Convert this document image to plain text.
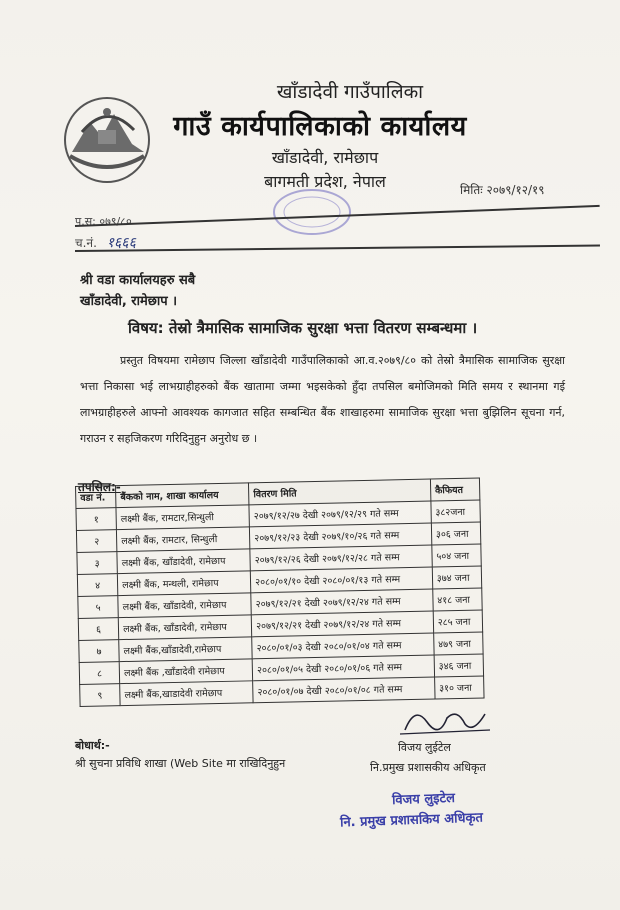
खाँडादेवी गाउँपालिका
गाउँ कार्यपालिकाको कार्यालय
खाँडादेवी, रामेछाप
बागमती प्रदेश, नेपाल	मितिः २०७९/१२/१९
प.स: ०७९/८०
च.नं. १६६६
श्री वडा कार्यालयहरु सबै
खाँडादेवी, रामेछाप ।
विषय: तेस्रो त्रैमासिक सामाजिक सुरक्षा भत्ता वितरण सम्बन्धमा ।
प्रस्तुत विषयमा रामेछाप जिल्ला खाँडादेवी गाउँपालिकाको आ.व.२०७९/८० को तेस्रो त्रैमासिक सामाजिक सुरक्षा भत्ता निकासा भई लाभग्राहीहरुको बैंक खातामा जम्मा भइसकेको हुँदा तपसिल बमोजिमको मिति समय र स्थानमा गई लाभग्राहीहरुले आफ्नो आवश्यक कागजात सहित सम्बन्धित बैंक शाखाहरुमा सामाजिक सुरक्षा भत्ता बुझिलिन सूचना गर्न, गराउन र सहजिकरण गरिदिनुहुन अनुरोध छ ।
तपसिल:-
वडा नं.	बैंकको नाम, शाखा कार्यालय	वितरण मिति	कैफियत
१	लक्ष्मी बैंक, रामटार,सिन्धुली	२०७९/१२/२७ देखी २०७९/१२/२९ गते सम्म	३८२जना
२	लक्ष्मी बैंक, रामटार, सिन्धुली	२०७९/१२/२३ देखी २०७९/१०/२६ गते सम्म	३०६ जना
३	लक्ष्मी बैंक, खाँडादेवी, रामेछाप	२०७९/१२/२६ देखी २०७९/१२/२८ गते सम्म	५०४ जना
४	लक्ष्मी बैंक, मन्थली, रामेछाप	२०८०/०१/१० देखी २०८०/०१/१३ गते सम्म	३७४ जना
५	लक्ष्मी बैंक, खाँडादेवी, रामेछाप	२०७९/१२/२१ देखी २०७९/१२/२४ गते सम्म	४१८ जना
६	लक्ष्मी बैंक, खाँडादेवी, रामेछाप	२०७९/१२/२१ देखी २०७९/१२/२४ गते सम्म	२८५ जना
७	लक्ष्मी बैंक,खाँडादेवी,रामेछाप	२०८०/०१/०३ देखी २०८०/०१/०४ गते सम्म	४७९ जना
८	लक्ष्मी बैंक ,खाँडादेवी रामेछाप	२०८०/०१/०५ देखी २०८०/०१/०६ गते सम्म	३४६ जना
९	लक्ष्मी बैंक,खाडादेवी रामेछाप	२०८०/०१/०७ देखी २०८०/०१/०८ गते सम्म	३१० जना
बोधार्थ:-
श्री सुचना प्रविधि शाखा (Web Site मा राखिदिनुहुन
विजय लुईटेल
नि.प्रमुख प्रशासकीय अधिकृत
विजय लुइटेल
नि. प्रमुख प्रशासकिय अधिकृत
